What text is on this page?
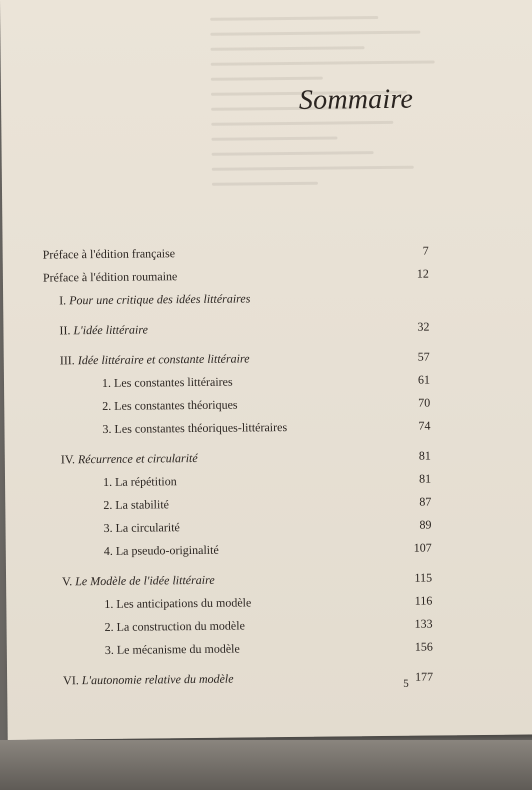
Sommaire
Préface à l'édition française	7
Préface à l'édition roumaine	12
I. Pour une critique des idées littéraires
II. L'idée littéraire	32
III. Idée littéraire et constante littéraire	57
1. Les constantes littéraires	61
2. Les constantes théoriques	70
3. Les constantes théoriques-littéraires	74
IV. Récurrence et circularité	81
1. La répétition	81
2. La stabilité	87
3. La circularité	89
4. La pseudo-originalité	107
V. Le Modèle de l'idée littéraire	115
1. Les anticipations du modèle	116
2. La construction du modèle	133
3. Le mécanisme du modèle	156
VI. L'autonomie relative du modèle	177
5
